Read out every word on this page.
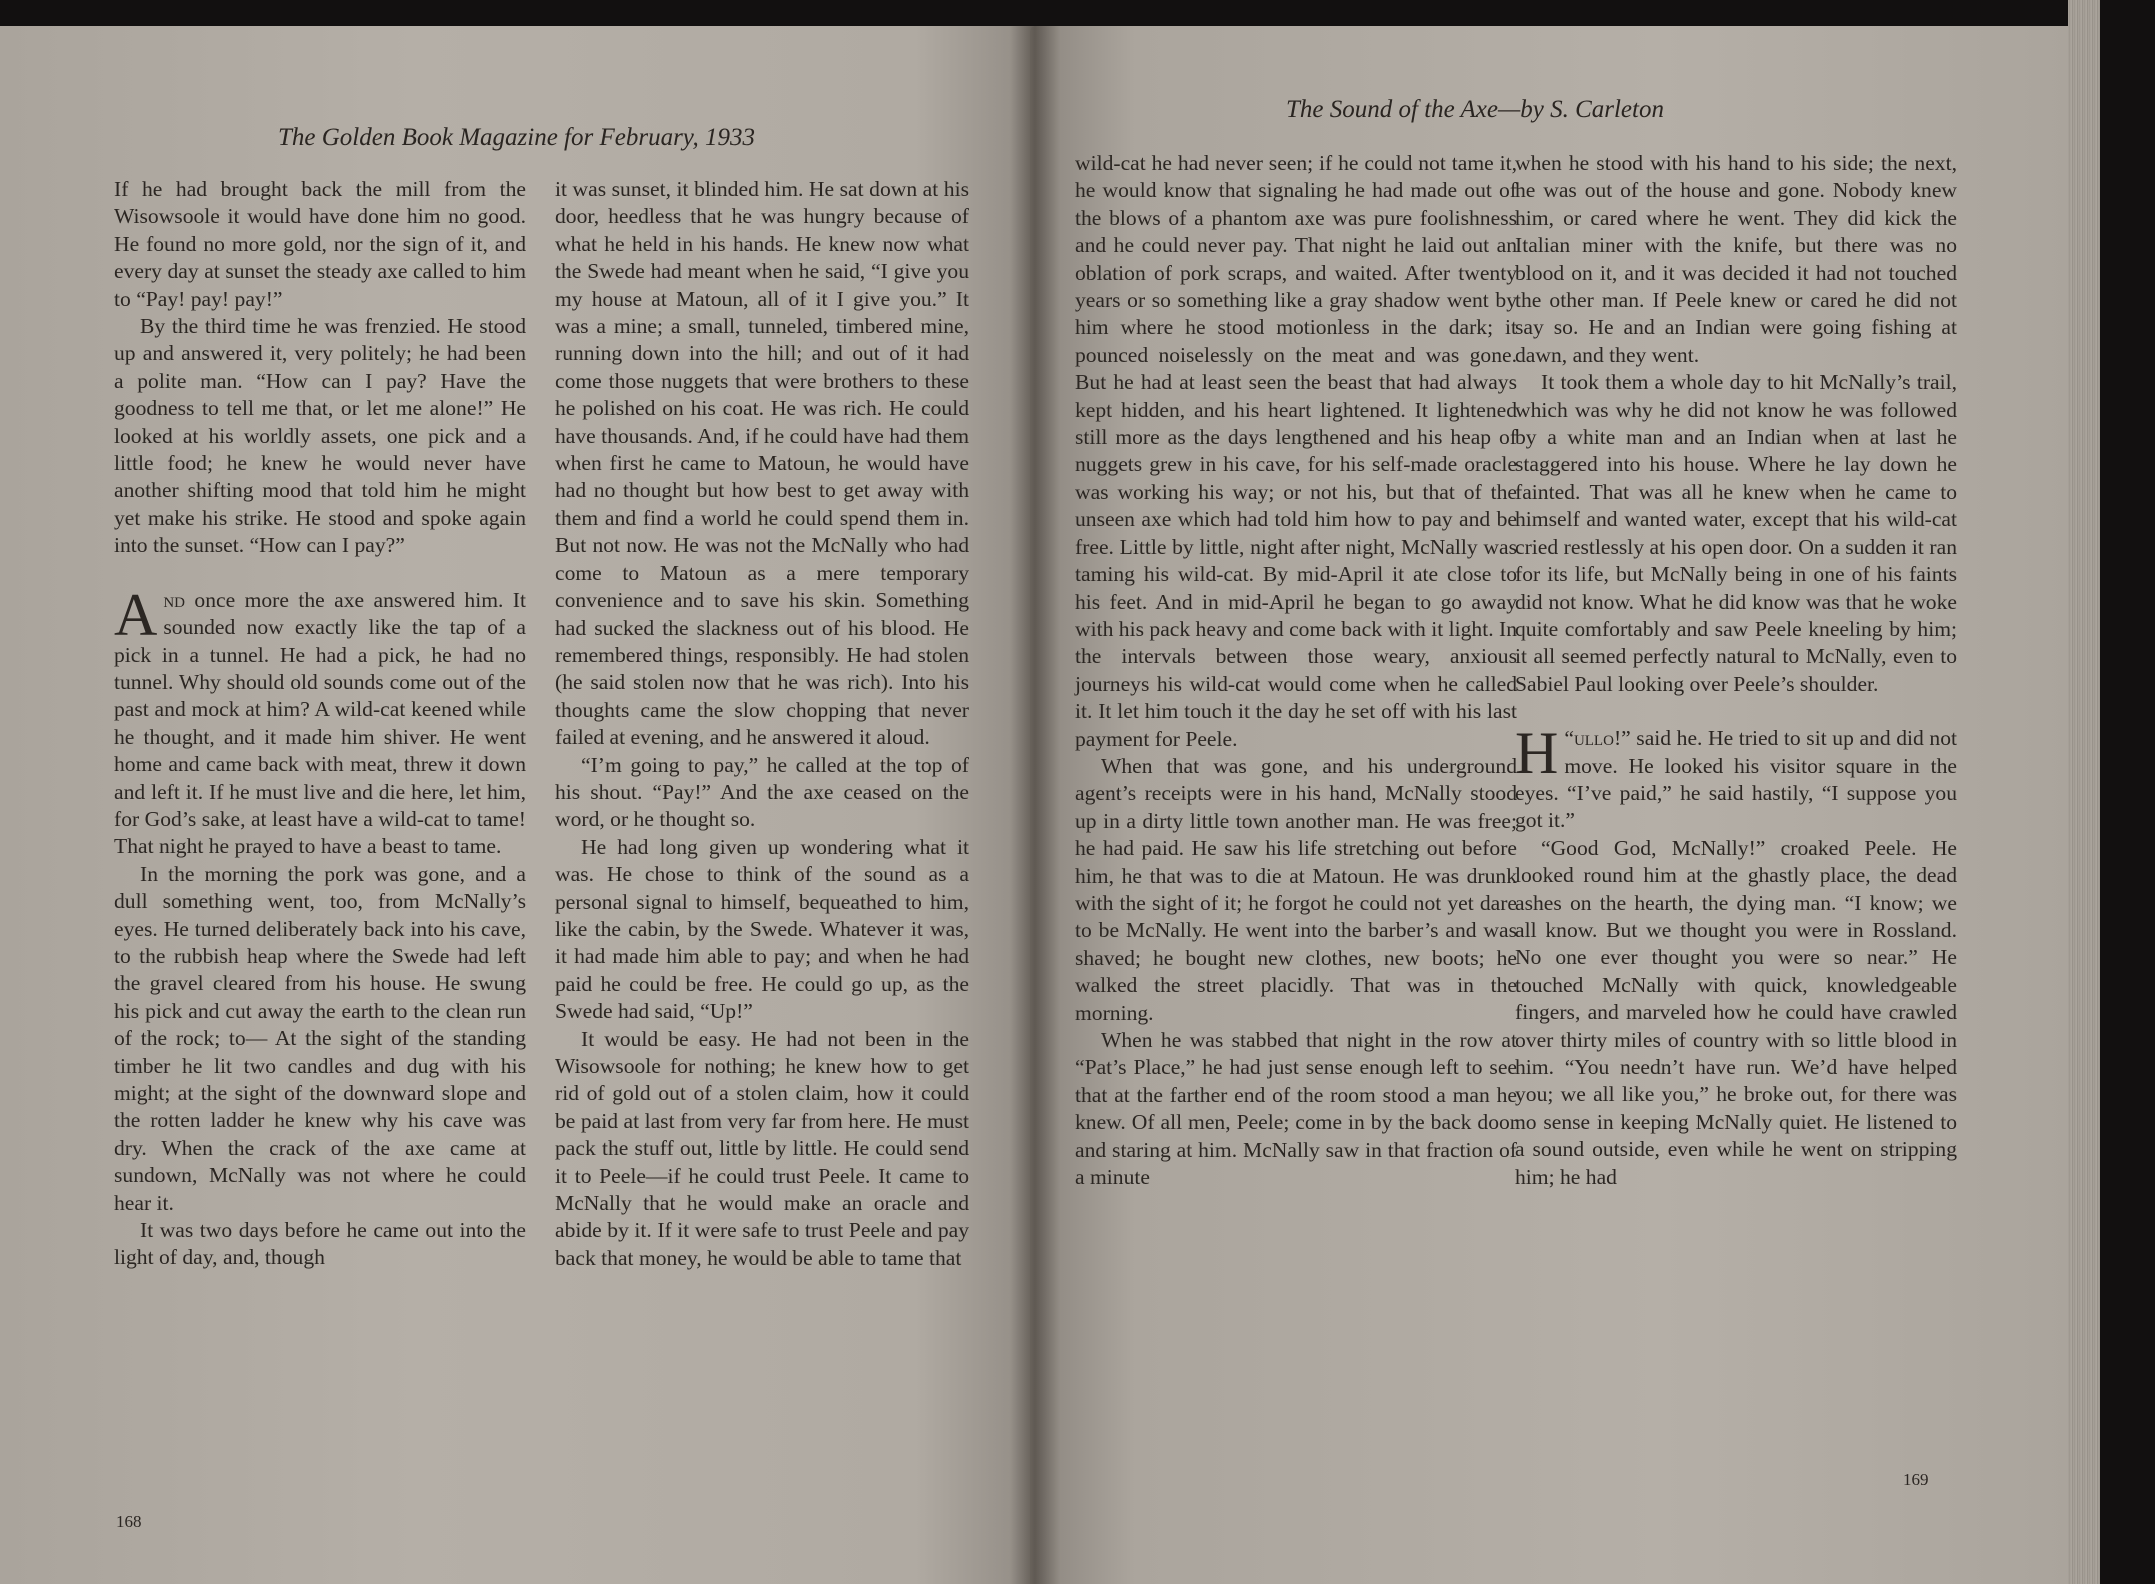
The Golden Book Magazine for February, 1933

If he had brought back the mill from the Wisowsoole it would have done him no good. He found no more gold, nor the sign of it, and every day at sunset the steady axe called to him to “Pay! pay! pay!”

By the third time he was frenzied. He stood up and answered it, very politely; he had been a polite man. “How can I pay? Have the goodness to tell me that, or let me alone!” He looked at his worldly assets, one pick and a little food; he knew he would never have another shifting mood that told him he might yet make his strike. He stood and spoke again into the sunset. “How can I pay?”

And once more the axe answered him. It sounded now exactly like the tap of a pick in a tunnel. He had a pick, he had no tunnel. Why should old sounds come out of the past and mock at him? A wild-cat keened while he thought, and it made him shiver. He went home and came back with meat, threw it down and left it. If he must live and die here, let him, for God’s sake, at least have a wild-cat to tame! That night he prayed to have a beast to tame.

In the morning the pork was gone, and a dull something went, too, from McNally’s eyes. He turned deliberately back into his cave, to the rubbish heap where the Swede had left the gravel cleared from his house. He swung his pick and cut away the earth to the clean run of the rock; to— At the sight of the standing timber he lit two candles and dug with his might; at the sight of the downward slope and the rotten ladder he knew why his cave was dry. When the crack of the axe came at sundown, McNally was not where he could hear it.

It was two days before he came out into the light of day, and, though

it was sunset, it blinded him. He sat down at his door, heedless that he was hungry because of what he held in his hands. He knew now what the Swede had meant when he said, “I give you my house at Matoun, all of it I give you.” It was a mine; a small, tunneled, timbered mine, running down into the hill; and out of it had come those nuggets that were brothers to these he polished on his coat. He was rich. He could have thousands. And, if he could have had them when first he came to Matoun, he would have had no thought but how best to get away with them and find a world he could spend them in. But not now. He was not the McNally who had come to Matoun as a mere temporary convenience and to save his skin. Something had sucked the slackness out of his blood. He remembered things, responsibly. He had stolen (he said stolen now that he was rich). Into his thoughts came the slow chopping that never failed at evening, and he answered it aloud.

“I’m going to pay,” he called at the top of his shout. “Pay!” And the axe ceased on the word, or he thought so.

He had long given up wondering what it was. He chose to think of the sound as a personal signal to himself, bequeathed to him, like the cabin, by the Swede. Whatever it was, it had made him able to pay; and when he had paid he could be free. He could go up, as the Swede had said, “Up!”

It would be easy. He had not been in the Wisowsoole for nothing; he knew how to get rid of gold out of a stolen claim, how it could be paid at last from very far from here. He must pack the stuff out, little by little. He could send it to Peele—if he could trust Peele. It came to McNally that he would make an oracle and abide by it. If it were safe to trust Peele and pay back that money, he would be able to tame that

168
The Sound of the Axe—by S. Carleton

wild-cat he had never seen; if he could not tame it, he would know that signaling he had made out of the blows of a phantom axe was pure foolishness and he could never pay. That night he laid out an oblation of pork scraps, and waited. After twenty years or so something like a gray shadow went by him where he stood motionless in the dark; it pounced noiselessly on the meat and was gone. But he had at least seen the beast that had always kept hidden, and his heart lightened. It lightened still more as the days lengthened and his heap of nuggets grew in his cave, for his self-made oracle was working his way; or not his, but that of the unseen axe which had told him how to pay and be free. Little by little, night after night, McNally was taming his wild-cat. By mid-April it ate close to his feet. And in mid-April he began to go away with his pack heavy and come back with it light. In the intervals between those weary, anxious journeys his wild-cat would come when he called it. It let him touch it the day he set off with his last payment for Peele.

When that was gone, and his underground agent’s receipts were in his hand, McNally stood up in a dirty little town another man. He was free; he had paid. He saw his life stretching out before him, he that was to die at Matoun. He was drunk with the sight of it; he forgot he could not yet dare to be McNally. He went into the barber’s and was shaved; he bought new clothes, new boots; he walked the street placidly. That was in the morning.

When he was stabbed that night in the row at “Pat’s Place,” he had just sense enough left to see that at the farther end of the room stood a man he knew. Of all men, Peele; come in by the back door and staring at him. McNally saw in that fraction of a minute

when he stood with his hand to his side; the next, he was out of the house and gone. Nobody knew him, or cared where he went. They did kick the Italian miner with the knife, but there was no blood on it, and it was decided it had not touched the other man. If Peele knew or cared he did not say so. He and an Indian were going fishing at dawn, and they went.

It took them a whole day to hit McNally’s trail, which was why he did not know he was followed by a white man and an Indian when at last he staggered into his house. Where he lay down he fainted. That was all he knew when he came to himself and wanted water, except that his wild-cat cried restlessly at his open door. On a sudden it ran for its life, but McNally being in one of his faints did not know. What he did know was that he woke quite comfortably and saw Peele kneeling by him; it all seemed perfectly natural to McNally, even to Sabiel Paul looking over Peele’s shoulder.

“
H ullo!” said he. He tried to sit up and did not move. He looked his visitor square in the eyes. “I’ve paid,” he said hastily, “I suppose you got it.”

“Good God, McNally!” croaked Peele. He looked round him at the ghastly place, the dead ashes on the hearth, the dying man. “I know; we all know. But we thought you were in Rossland. No one ever thought you were so near.” He touched McNally with quick, knowledgeable fingers, and marveled how he could have crawled over thirty miles of country with so little blood in him. “You needn’t have run. We’d have helped you; we all like you,” he broke out, for there was no sense in keeping McNally quiet. He listened to a sound outside, even while he went on stripping him; he had

169
